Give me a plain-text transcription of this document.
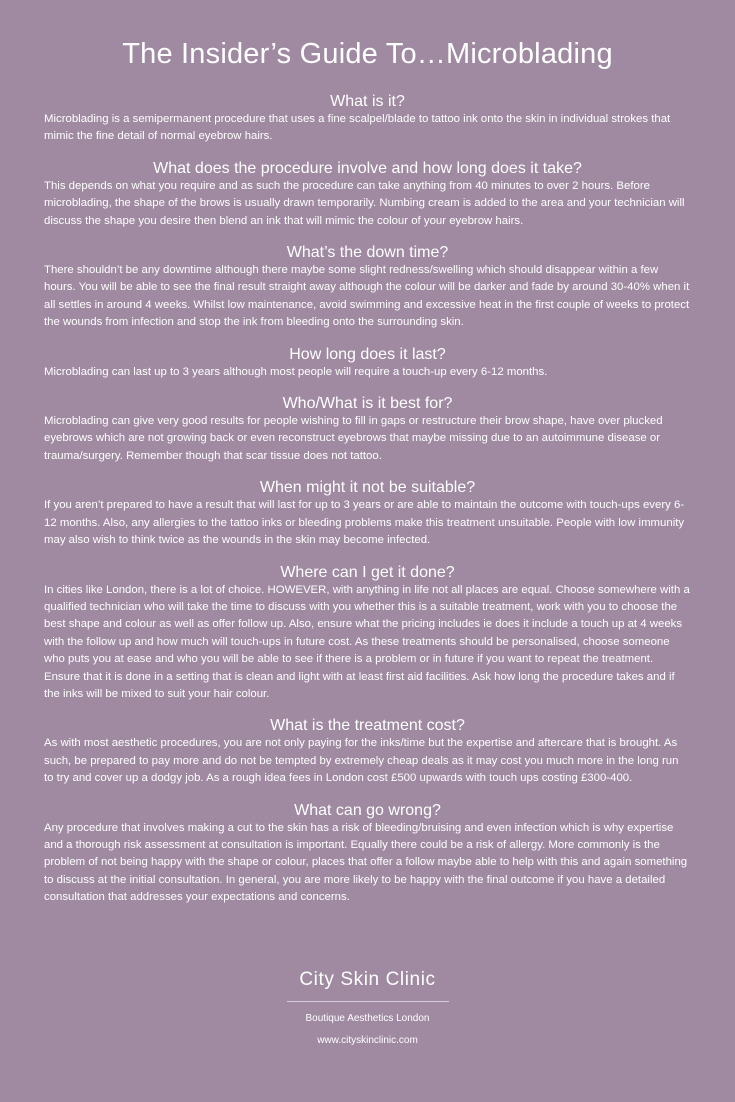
The Insider’s Guide To…Microblading
What is it?

Microblading is a semipermanent procedure that uses a fine scalpel/blade to tattoo ink onto the skin in individual strokes that mimic the fine detail of normal eyebrow hairs.

What does the procedure involve and how long does it take?

This depends on what you require and as such the procedure can take anything from 40 minutes to over 2 hours. Before microblading, the shape of the brows is usually drawn temporarily. Numbing cream is added to the area and your technician will discuss the shape you desire then blend an ink that will mimic the colour of your eyebrow hairs.

What’s the down time?

There shouldn’t be any downtime although there maybe some slight redness/swelling which should disappear within a few hours. You will be able to see the final result straight away although the colour will be darker and fade by around 30-40% when it all settles in around 4 weeks. Whilst low maintenance, avoid swimming and excessive heat in the first couple of weeks to protect the wounds from infection and stop the ink from bleeding onto the surrounding skin.

How long does it last?

Microblading can last up to 3 years although most people will require a touch-up every 6-12 months.

Who/What is it best for?

Microblading can give very good results for people wishing to fill in gaps or restructure their brow shape, have over plucked eyebrows which are not growing back or even reconstruct eyebrows that maybe missing due to an autoimmune disease or trauma/surgery. Remember though that scar tissue does not tattoo.

When might it not be suitable?

If you aren’t prepared to have a result that will last for up to 3 years or are able to maintain the outcome with touch-ups every 6-12 months. Also, any allergies to the tattoo inks or bleeding problems make this treatment unsuitable. People with low immunity may also wish to think twice as the wounds in the skin may become infected.

Where can I get it done?

In cities like London, there is a lot of choice. HOWEVER, with anything in life not all places are equal. Choose somewhere with a qualified technician who will take the time to discuss with you whether this is a suitable treatment, work with you to choose the best shape and colour as well as offer follow up. Also, ensure what the pricing includes ie does it include a touch up at 4 weeks with the follow up and how much will touch-ups in future cost. As these treatments should be personalised, choose someone who puts you at ease and who you will be able to see if there is a problem or in future if you want to repeat the treatment. Ensure that it is done in a setting that is clean and light with at least first aid facilities. Ask how long the procedure takes and if the inks will be mixed to suit your hair colour.

What is the treatment cost?

As with most aesthetic procedures, you are not only paying for the inks/time but the expertise and aftercare that is brought. As such, be prepared to pay more and do not be tempted by extremely cheap deals as it may cost you much more in the long run to try and cover up a dodgy job. As a rough idea fees in London cost £500 upwards with touch ups costing £300-400.

What can go wrong?

Any procedure that involves making a cut to the skin has a risk of bleeding/bruising and even infection which is why expertise and a thorough risk assessment at consultation is important. Equally there could be a risk of allergy. More commonly is the problem of not being happy with the shape or colour, places that offer a follow maybe able to help with this and again something to discuss at the initial consultation. In general, you are more likely to be happy with the final outcome if you have a detailed consultation that addresses your expectations and concerns.

City Skin Clinic
Boutique Aesthetics London
www.cityskinclinic.com
